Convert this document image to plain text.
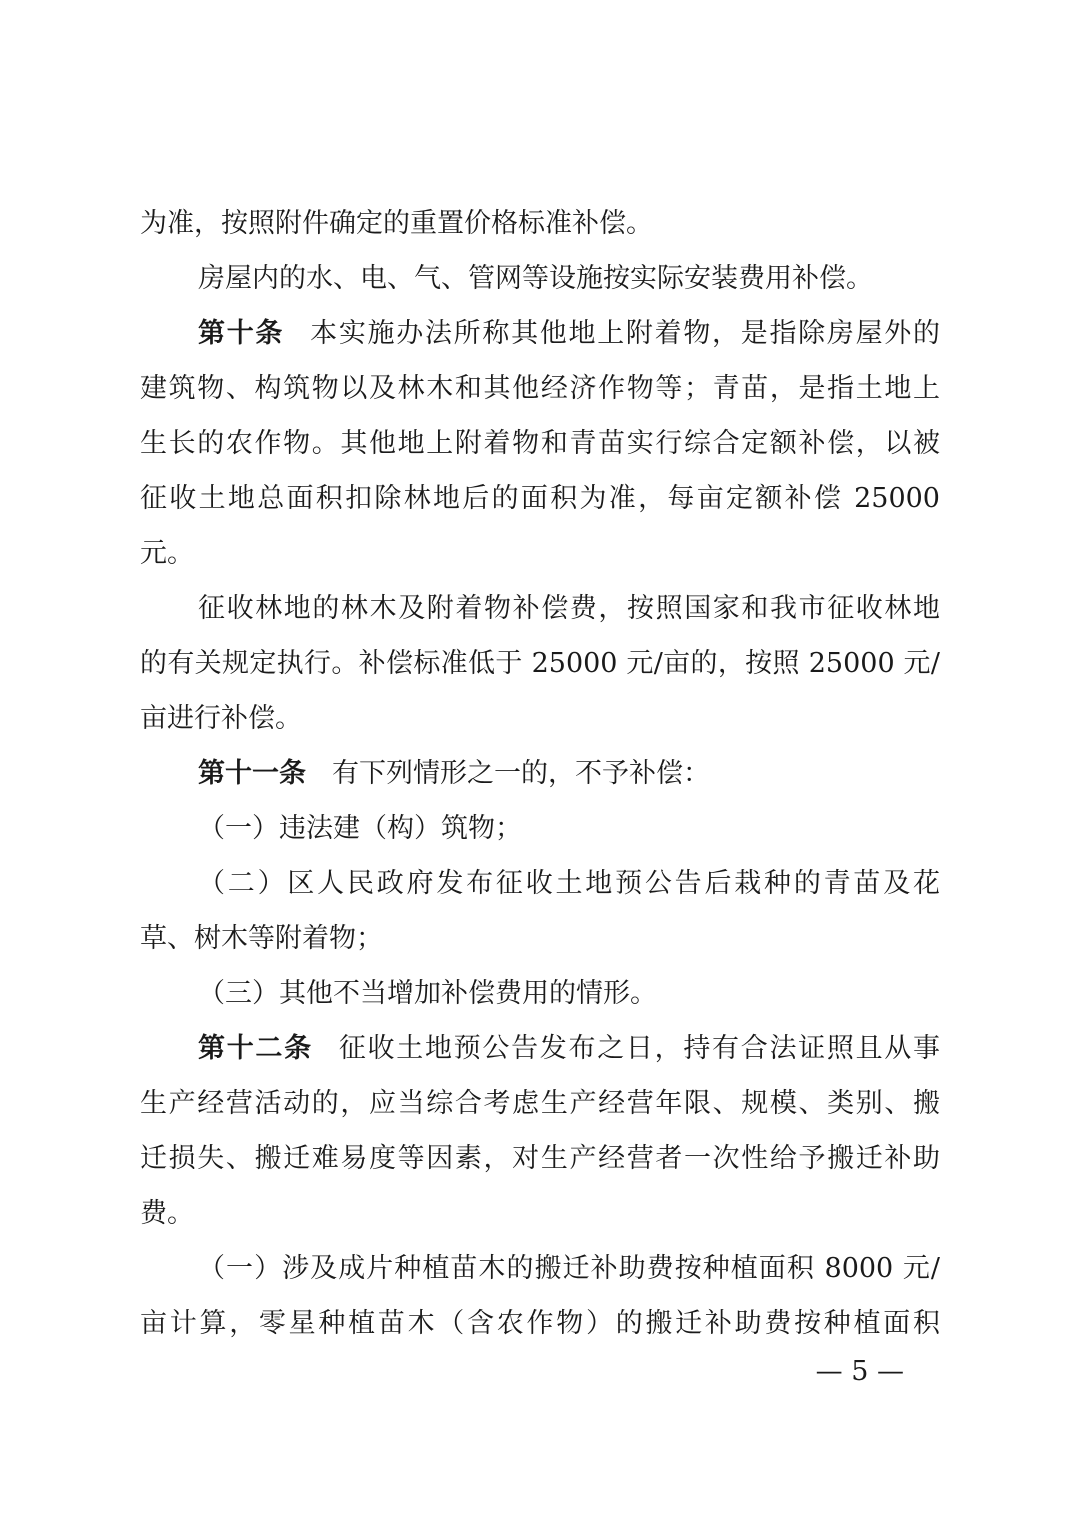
为准，按照附件确定的重置价格标准补偿。
房屋内的水、电、气、管网等设施按实际安装费用补偿。
第十条 本实施办法所称其他地上附着物，是指除房屋外的
建筑物、构筑物以及林木和其他经济作物等；青苗，是指土地上
生长的农作物。其他地上附着物和青苗实行综合定额补偿，以被
征收土地总面积扣除林地后的面积为准，每亩定额补偿 25000
元。
征收林地的林木及附着物补偿费，按照国家和我市征收林地
的有关规定执行。补偿标准低于 25000 元/亩的，按照 25000 元/
亩进行补偿。
第十一条 有下列情形之一的，不予补偿：
（一）违法建（构）筑物；
（二）区人民政府发布征收土地预公告后栽种的青苗及花
草、树木等附着物；
（三）其他不当增加补偿费用的情形。
第十二条 征收土地预公告发布之日，持有合法证照且从事
生产经营活动的，应当综合考虑生产经营年限、规模、类别、搬
迁损失、搬迁难易度等因素，对生产经营者一次性给予搬迁补助
费。
（一）涉及成片种植苗木的搬迁补助费按种植面积 8000 元/
亩计算，零星种植苗木（含农作物）的搬迁补助费按种植面积
— 5 —
